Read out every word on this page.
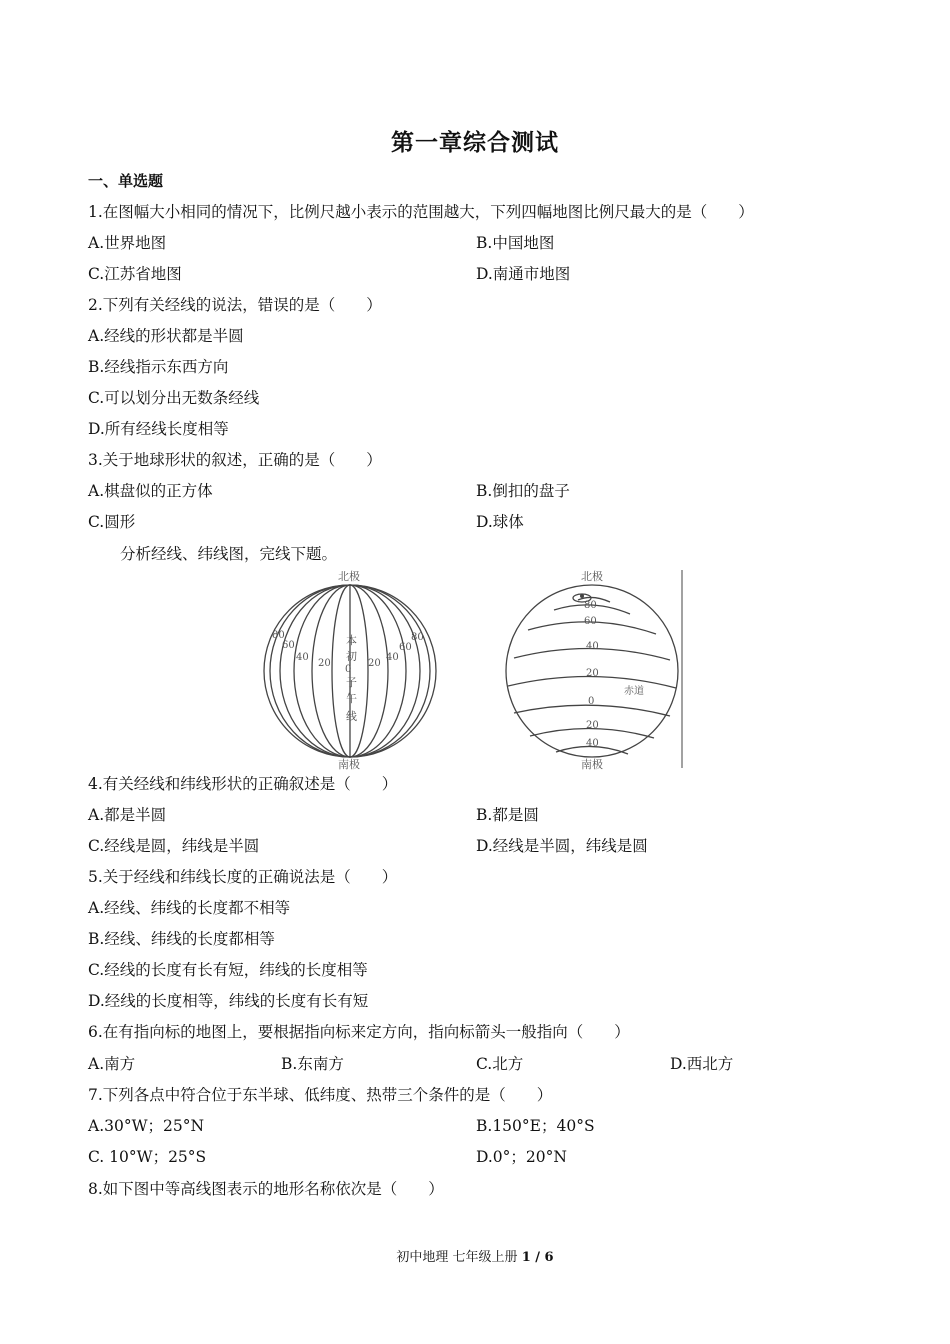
第一章综合测试
一、单选题
1.在图幅大小相同的情况下，比例尺越小表示的范围越大，下列四幅地图比例尺最大的是（　　）
A.世界地图	B.中国地图
C.江苏省地图	D.南通市地图
2.下列有关经线的说法，错误的是（　　）
A.经线的形状都是半圆
B.经线指示东西方向
C.可以划分出无数条经线
D.所有经线长度相等
3.关于地球形状的叙述，正确的是（　　）
A.棋盘似的正方体	B.倒扣的盘子
C.圆形	D.球体
分析经线、纬线图，完线下题。
北极
南极
80
60
40
20
0
20
40
60
80
本
初
子
午
线
北极
南极
80
60
40
20
0
20
40
赤道
4.有关经线和纬线形状的正确叙述是（　　）
A.都是半圆	B.都是圆
C.经线是圆，纬线是半圆	D.经线是半圆，纬线是圆
5.关于经线和纬线长度的正确说法是（　　）
A.经线、纬线的长度都不相等
B.经线、纬线的长度都相等
C.经线的长度有长有短，纬线的长度相等
D.经线的长度相等，纬线的长度有长有短
6.在有指向标的地图上，要根据指向标来定方向，指向标箭头一般指向（　　）
A.南方	B.东南方	C.北方	D.西北方
7.下列各点中符合位于东半球、低纬度、热带三个条件的是（　　）
A.30°W；25°N	B.150°E；40°S
C. 10°W；25°S	D.0°；20°N
8.如下图中等高线图表示的地形名称依次是（　　）
初中地理 七年级上册 1 / 6
